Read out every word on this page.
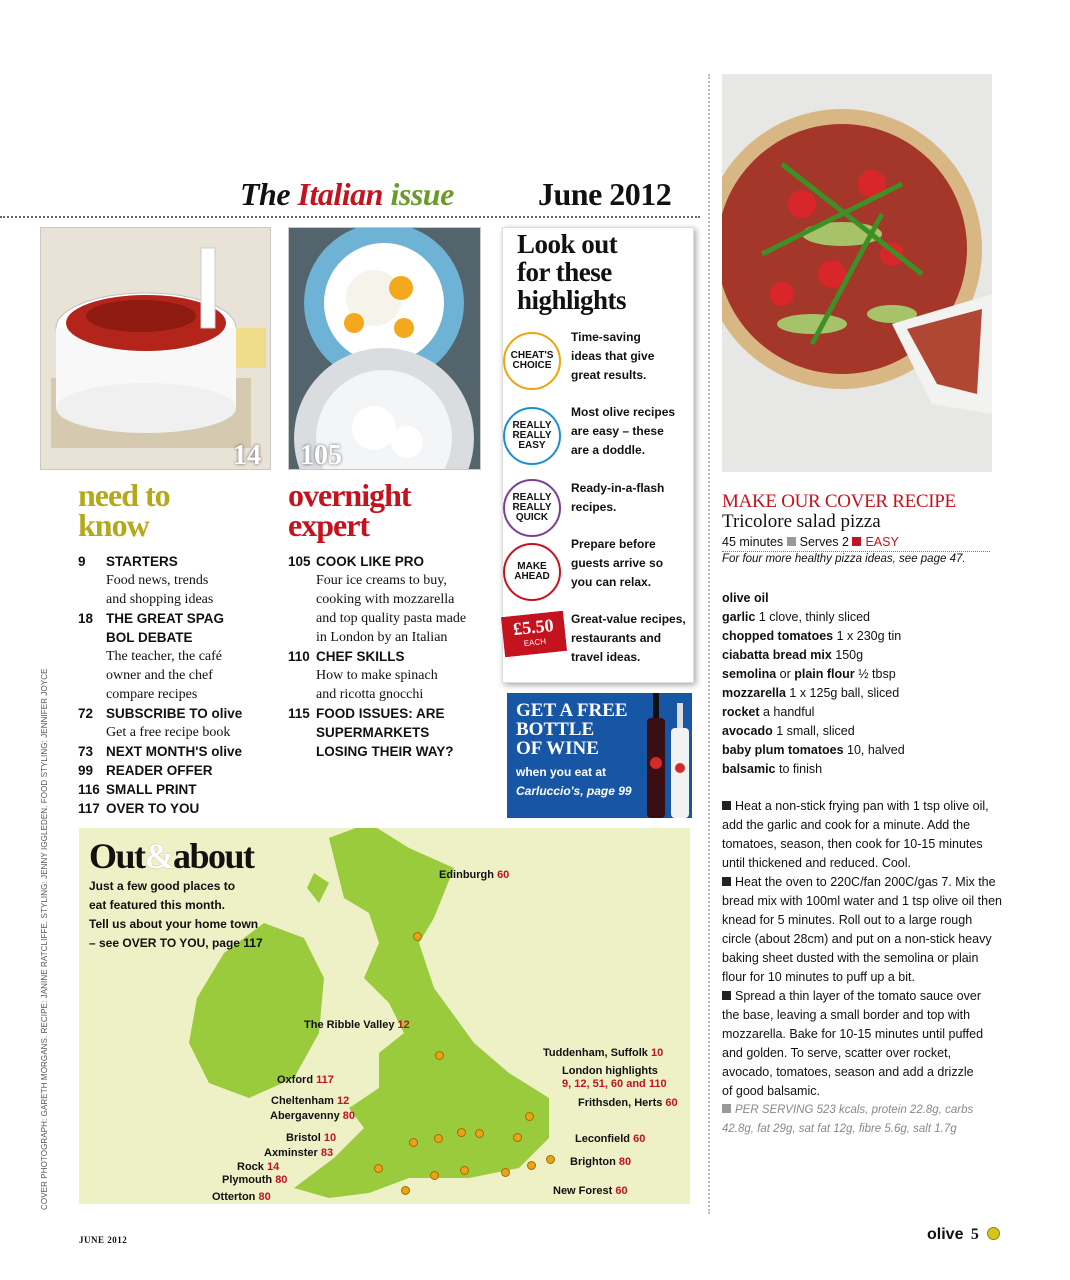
The Italian issue	June 2012
14 105
need to
know
9 STARTERS
Food news, trends
and shopping ideas
18 THE GREAT SPAG
BOL DEBATE
The teacher, the café
owner and the chef
compare recipes
72 SUBSCRIBE TO olive
Get a free recipe book
73 NEXT MONTH'S olive
99 READER OFFER
116 SMALL PRINT
117 OVER TO YOU
overnight
expert
105 COOK LIKE PRO
Four ice creams to buy,
cooking with mozzarella
and top quality pasta made
in London by an Italian
110 CHEF SKILLS
How to make spinach
and ricotta gnocchi
115 FOOD ISSUES: ARE
SUPERMARKETS
LOSING THEIR WAY?
Look out
for these
highlights
CHEAT'S
CHOICE
Time-saving
ideas that give
great results.
REALLY
REALLY
EASY
Most olive recipes
are easy – these
are a doddle.
REALLY
REALLY
QUICK
Ready-in-a-flash
recipes.
MAKE
AHEAD
Prepare before
guests arrive so
you can relax.
£5.50
EACH
Great-value recipes,
restaurants and
travel ideas.
GET A FREE
BOTTLE
OF WINE
when you eat at
Carluccio's, page 99
Out&about
Just a few good places to
eat featured this month.
Tell us about your home town
– see OVER TO YOU, page 117
Edinburgh 60
The Ribble Valley 12
Tuddenham, Suffolk 10
London highlights
9, 12, 51, 60 and 110
Oxford 117
Cheltenham 12	Frithsden, Herts 60
Abergavenny 80
Bristol 10	Leconfield 60
Axminster 83
Brighton 80
Rock 14
Plymouth 80
Otterton 80	New Forest 60
MAKE OUR COVER RECIPE
Tricolore salad pizza
45 minutes Serves 2 EASY
For four more healthy pizza ideas, see page 47.
olive oil
garlic 1 clove, thinly sliced
chopped tomatoes 1 x 230g tin
ciabatta bread mix 150g
semolina or plain flour ½ tbsp
mozzarella 1 x 125g ball, sliced
rocket a handful
avocado 1 small, sliced
baby plum tomatoes 10, halved
balsamic to finish
Heat a non-stick frying pan with 1 tsp olive oil,
add the garlic and cook for a minute. Add the
tomatoes, season, then cook for 10-15 minutes
until thickened and reduced. Cool.
Heat the oven to 220C/fan 200C/gas 7. Mix the
bread mix with 100ml water and 1 tsp olive oil then
knead for 5 minutes. Roll out to a large rough
circle (about 28cm) and put on a non-stick heavy
baking sheet dusted with the semolina or plain
flour for 10 minutes to puff up a bit.
Spread a thin layer of the tomato sauce over
the base, leaving a small border and top with
mozzarella. Bake for 10-15 minutes until puffed
and golden. To serve, scatter over rocket,
avocado, tomatoes, season and add a drizzle
of good balsamic.
PER SERVING 523 kcals, protein 22.8g, carbs
42.8g, fat 29g, sat fat 12g, fibre 5.6g, salt 1.7g
COVER PHOTOGRAPH: GARETH MORGANS. RECIPE: JANINE RATCLIFFE. STYLING: JENNY IGGLEDEN. FOOD STYLING: JENNIFER JOYCE
JUNE 2012	olive 5
